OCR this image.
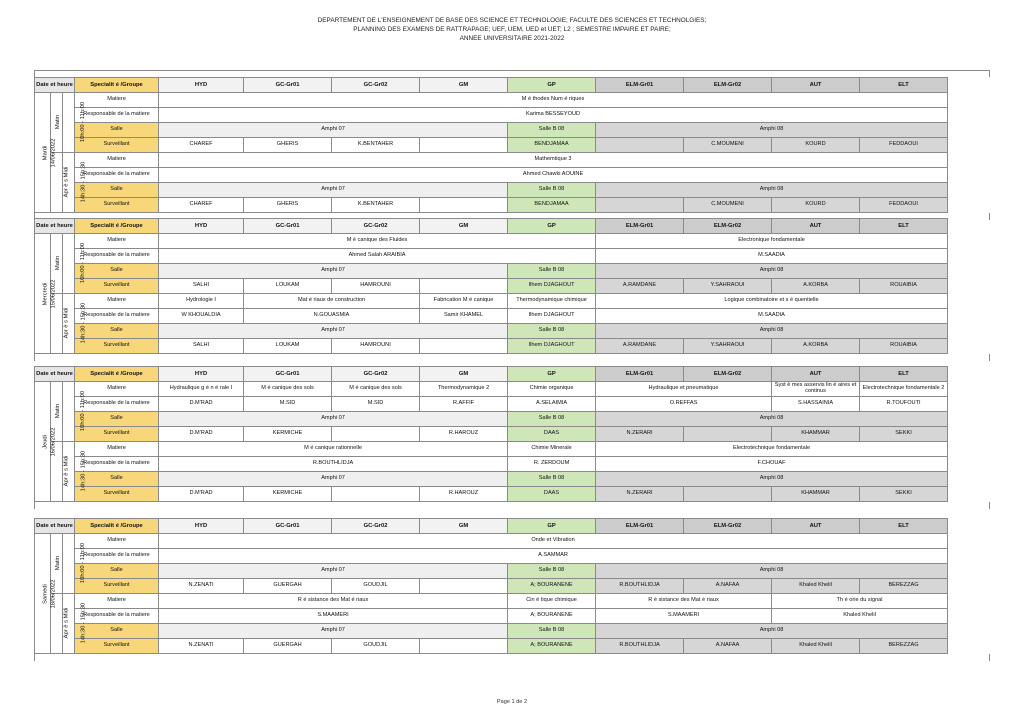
DEPARTEMENT DE L'ENSEIGNEMENT DE BASE DES SCIENCE ET TECHNOLOGIE; FACULTE DES SCIENCES ET TECHNOLGIES;
PLANNING DES EXAMENS DE RATTRAPAGE; UEF, UEM, UED et UET; L2 ; SEMESTRE IMPAIRE ET PAIRE;
ANNEE UNIVERSITAIRE 2021-2022
Date et heure			Specialit é /Groupe	HYD	GC-Gr01	GC-Gr02	GM	GP	ELM-Gr01	ELM-Gr02	AUT	ELT
Mardi 14/06/2022	Matin	10h:00 - 11h:00	Matiere	M é thodes Num é riques								
			Responsable de la matiere	Karima BESSEYOUD								
			Salle	Amphi 07				Salle B 08	Amphi 08			
			Surveillant	CHAREF	GHERIS	K.BENTAHER		BENDJAMAA		C.MOUMENI	KOURD	FEDDAOUI
	Apr è s Midi	14h:30 - 15h:30	Matiere	Mathemtique 3								
			Responsable de la matiere	Ahmed Chawki AOUINE								
			Salle	Amphi 07				Salle B 08	Amphi 08			
			Surveillant	CHAREF	GHERIS	K.BENTAHER		BENDJAMAA		C.MOUMENI	KOURD	FEDDAOUI
Date et heure			Specialit é /Groupe	HYD	GC-Gr01	GC-Gr02	GM	GP	ELM-Gr01	ELM-Gr02	AUT	ELT
Mercredi 15/06/2022	Matin	10h:00 - 11h:00	Matiere	M é canique des Fluides					Electronique fondamentale			
			Responsable de la matiere	Ahmed Salah ARAIBIA					M.SAADIA			
			Salle	Amphi 07				Salle B 08	Amphi 08			
			Surveillant	SALHI	LOUKAM	HAMROUNI		Ilhem DJAGHOUT	A.RAMDANE	Y.SAHRAOUI	A.KORBA	ROUAIBIA
	Apr è s Midi	14h:30 - 15h:30	Matiere	Hydrologie I	Mat é riaux de construction		Fabrication M é canique	Thermodynamique chimique	Logique combinatoire et s é quentielle			
			Responsable de la matiere	W KHOUALDIA	N.GOUASMIA		Samir KHAMEL	Ilhem DJAGHOUT	M.SAADIA			
			Salle	Amphi 07				Salle B 08	Amphi 08			
			Surveillant	SALHI	LOUKAM	HAMROUNI		Ilhem DJAGHOUT	A.RAMDANE	Y.SAHRAOUI	A.KORBA	ROUAIBIA
Date et heure			Specialit é /Groupe	HYD	GC-Gr01	GC-Gr02	GM	GP	ELM-Gr01	ELM-Gr02	AUT	ELT
Jeudi 16/06/2022	Matin	10h:00 - 11h:00	Matiere	Hydraulique g é n é rale I	M é canique des sols	M é canique des sols	Thermodynamique 2	Chimie organique	Hydraulique et pneumatique		Syst è mes asservis lin é aires et continus	Electrotechnique fondamentale 2
			Responsable de la matiere	D.M'RAD	M.SID	M.SID	R.AFFIF	A.SELAIMIA	O.REFFAS		S.HASSAINIA	R.TOUFOUTI
			Salle	Amphi 07				Salle B 08	Amphi 08			
			Surveillant	D.M'RAD	KERMICHE		R.HAROUZ	DAAS	N.ZERARI		KHAMMAR	SEKKI
	Apr è s Midi	14h:30 - 15h:30	Matiere	M é canique rationnelle				Chimie Minerale	Electrotechnique fondamentale			
			Responsable de la matiere	R.BOUTHLIDJA				R. ZERDOUM	F.CHOUAF			
			Salle	Amphi 07				Salle B 08	Amphi 08			
			Surveillant	D.M'RAD	KERMICHE		R.HAROUZ	DAAS	N.ZERARI		KHAMMAR	SEKKI
Date et heure			Specialit é /Groupe	HYD	GC-Gr01	GC-Gr02	GM	GP	ELM-Gr01	ELM-Gr02	AUT	ELT
Samedi 18/06/2022	Matin	10h:00 - 11h:00	Matiere	Onde et Vibration								
			Responsable de la matiere	A.SAMMAR								
			Salle	Amphi 07				Salle B 08	Amphi 08			
			Surveillant	N.ZENATI	GUERGAH	GOUDJIL		A; BOURANENE	R.BOUTHLIDJA	A.NAFAA	Khaled Khelil	BEREZZAG
	Apr è s Midi	14h:30 - 15h:30	Matiere	R é sistance des Mat é riaux				Cin é tique chimique	R é sistance des Mat é riaux		Th é orie du signal	
			Responsable de la matiere	S.MAAMERI				A; BOURANENE	S.MAAMERI		Khaled Khelil	
			Salle	Amphi 07				Salle B 08	Amphi 08			
			Surveillant	N.ZENATI	GUERGAH	GOUDJIL		A; BOURANENE	R.BOUTHLIDJA	A.NAFAA	Khaled Khelil	BEREZZAG
Page 1 de 2
